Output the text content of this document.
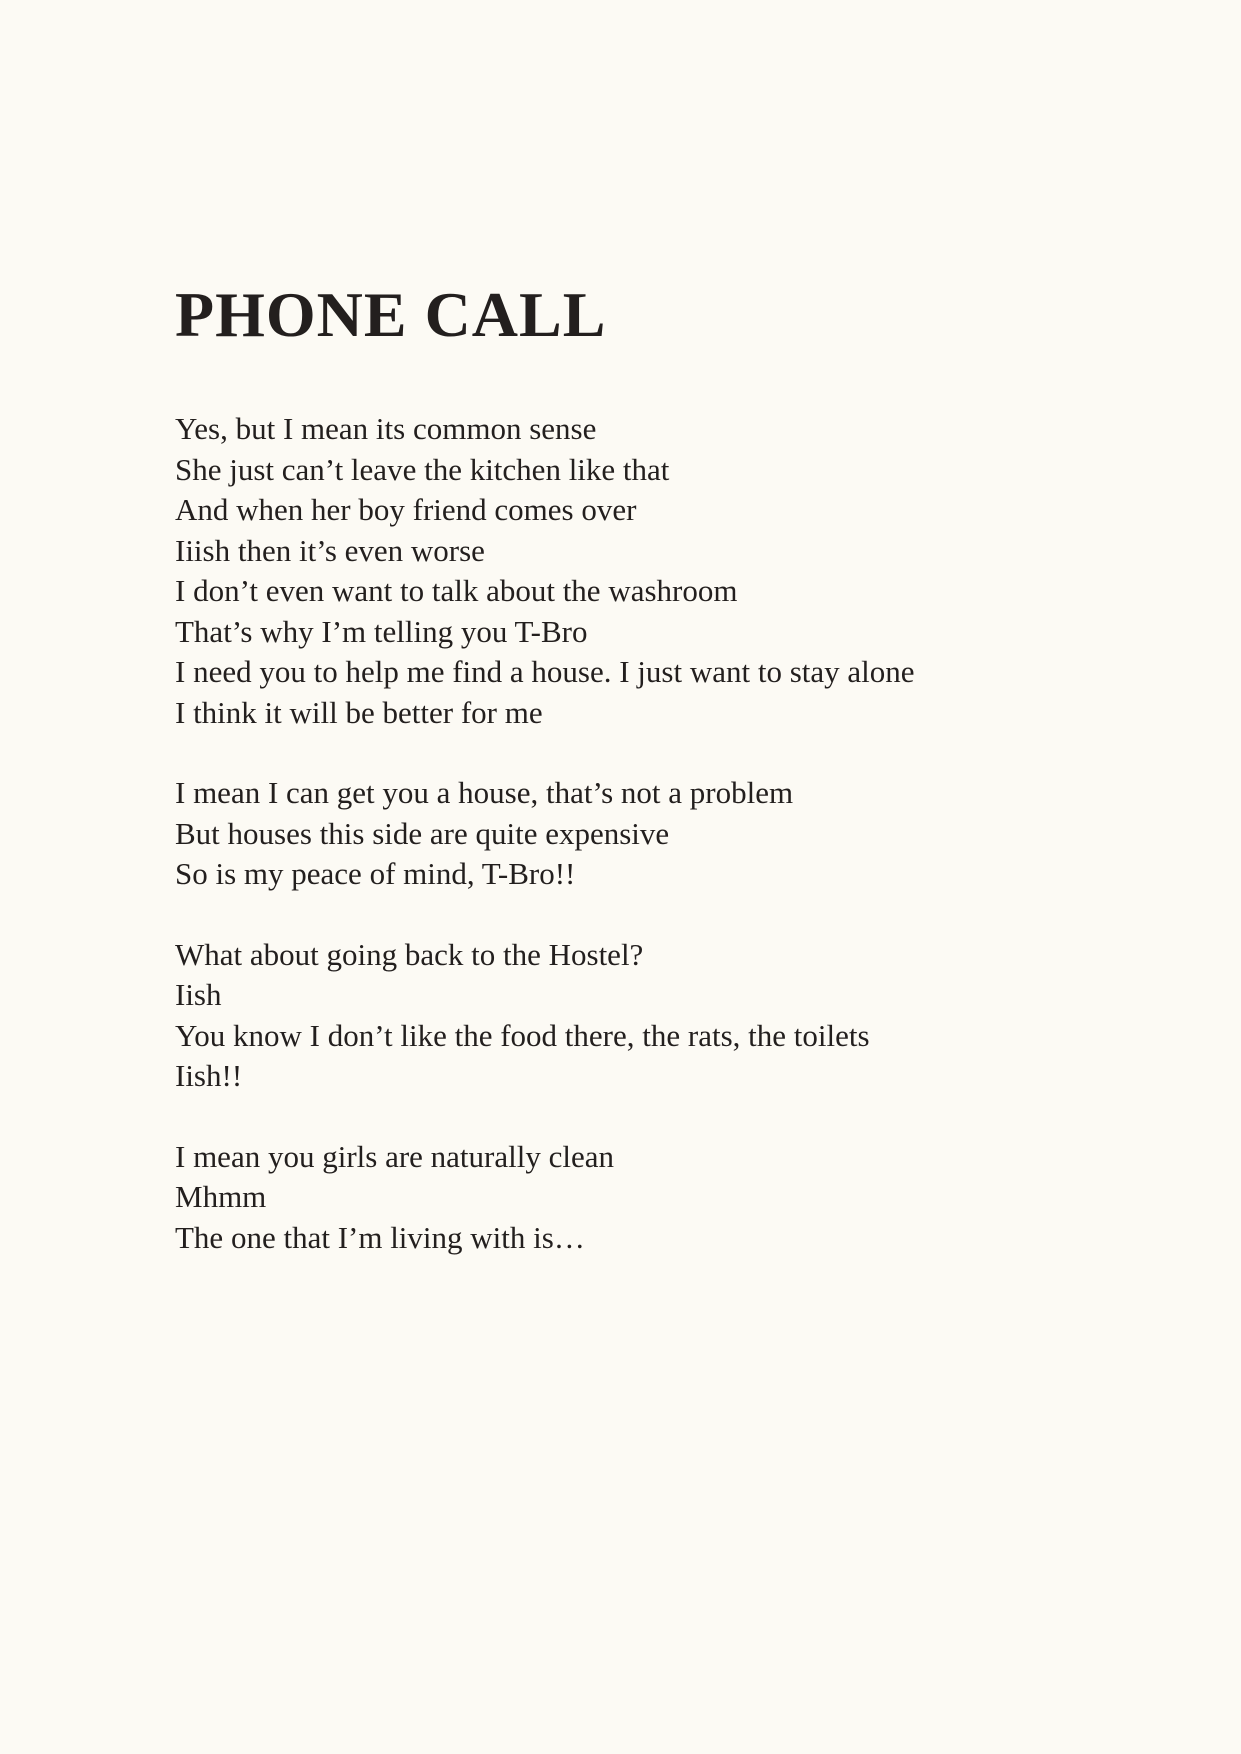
PHONE CALL

Yes, but I mean its common sense

She just can’t leave the kitchen like that

And when her boy friend comes over

Iiish then it’s even worse

I don’t even want to talk about the washroom

That’s why I’m telling you T-Bro

I need you to help me find a house. I just want to stay alone

I think it will be better for me

I mean I can get you a house, that’s not a problem

But houses this side are quite expensive

So is my peace of mind, T-Bro!!

What about going back to the Hostel?

Iish

You know I don’t like the food there, the rats, the toilets

Iish!!

I mean you girls are naturally clean

Mhmm

The one that I’m living with is…
